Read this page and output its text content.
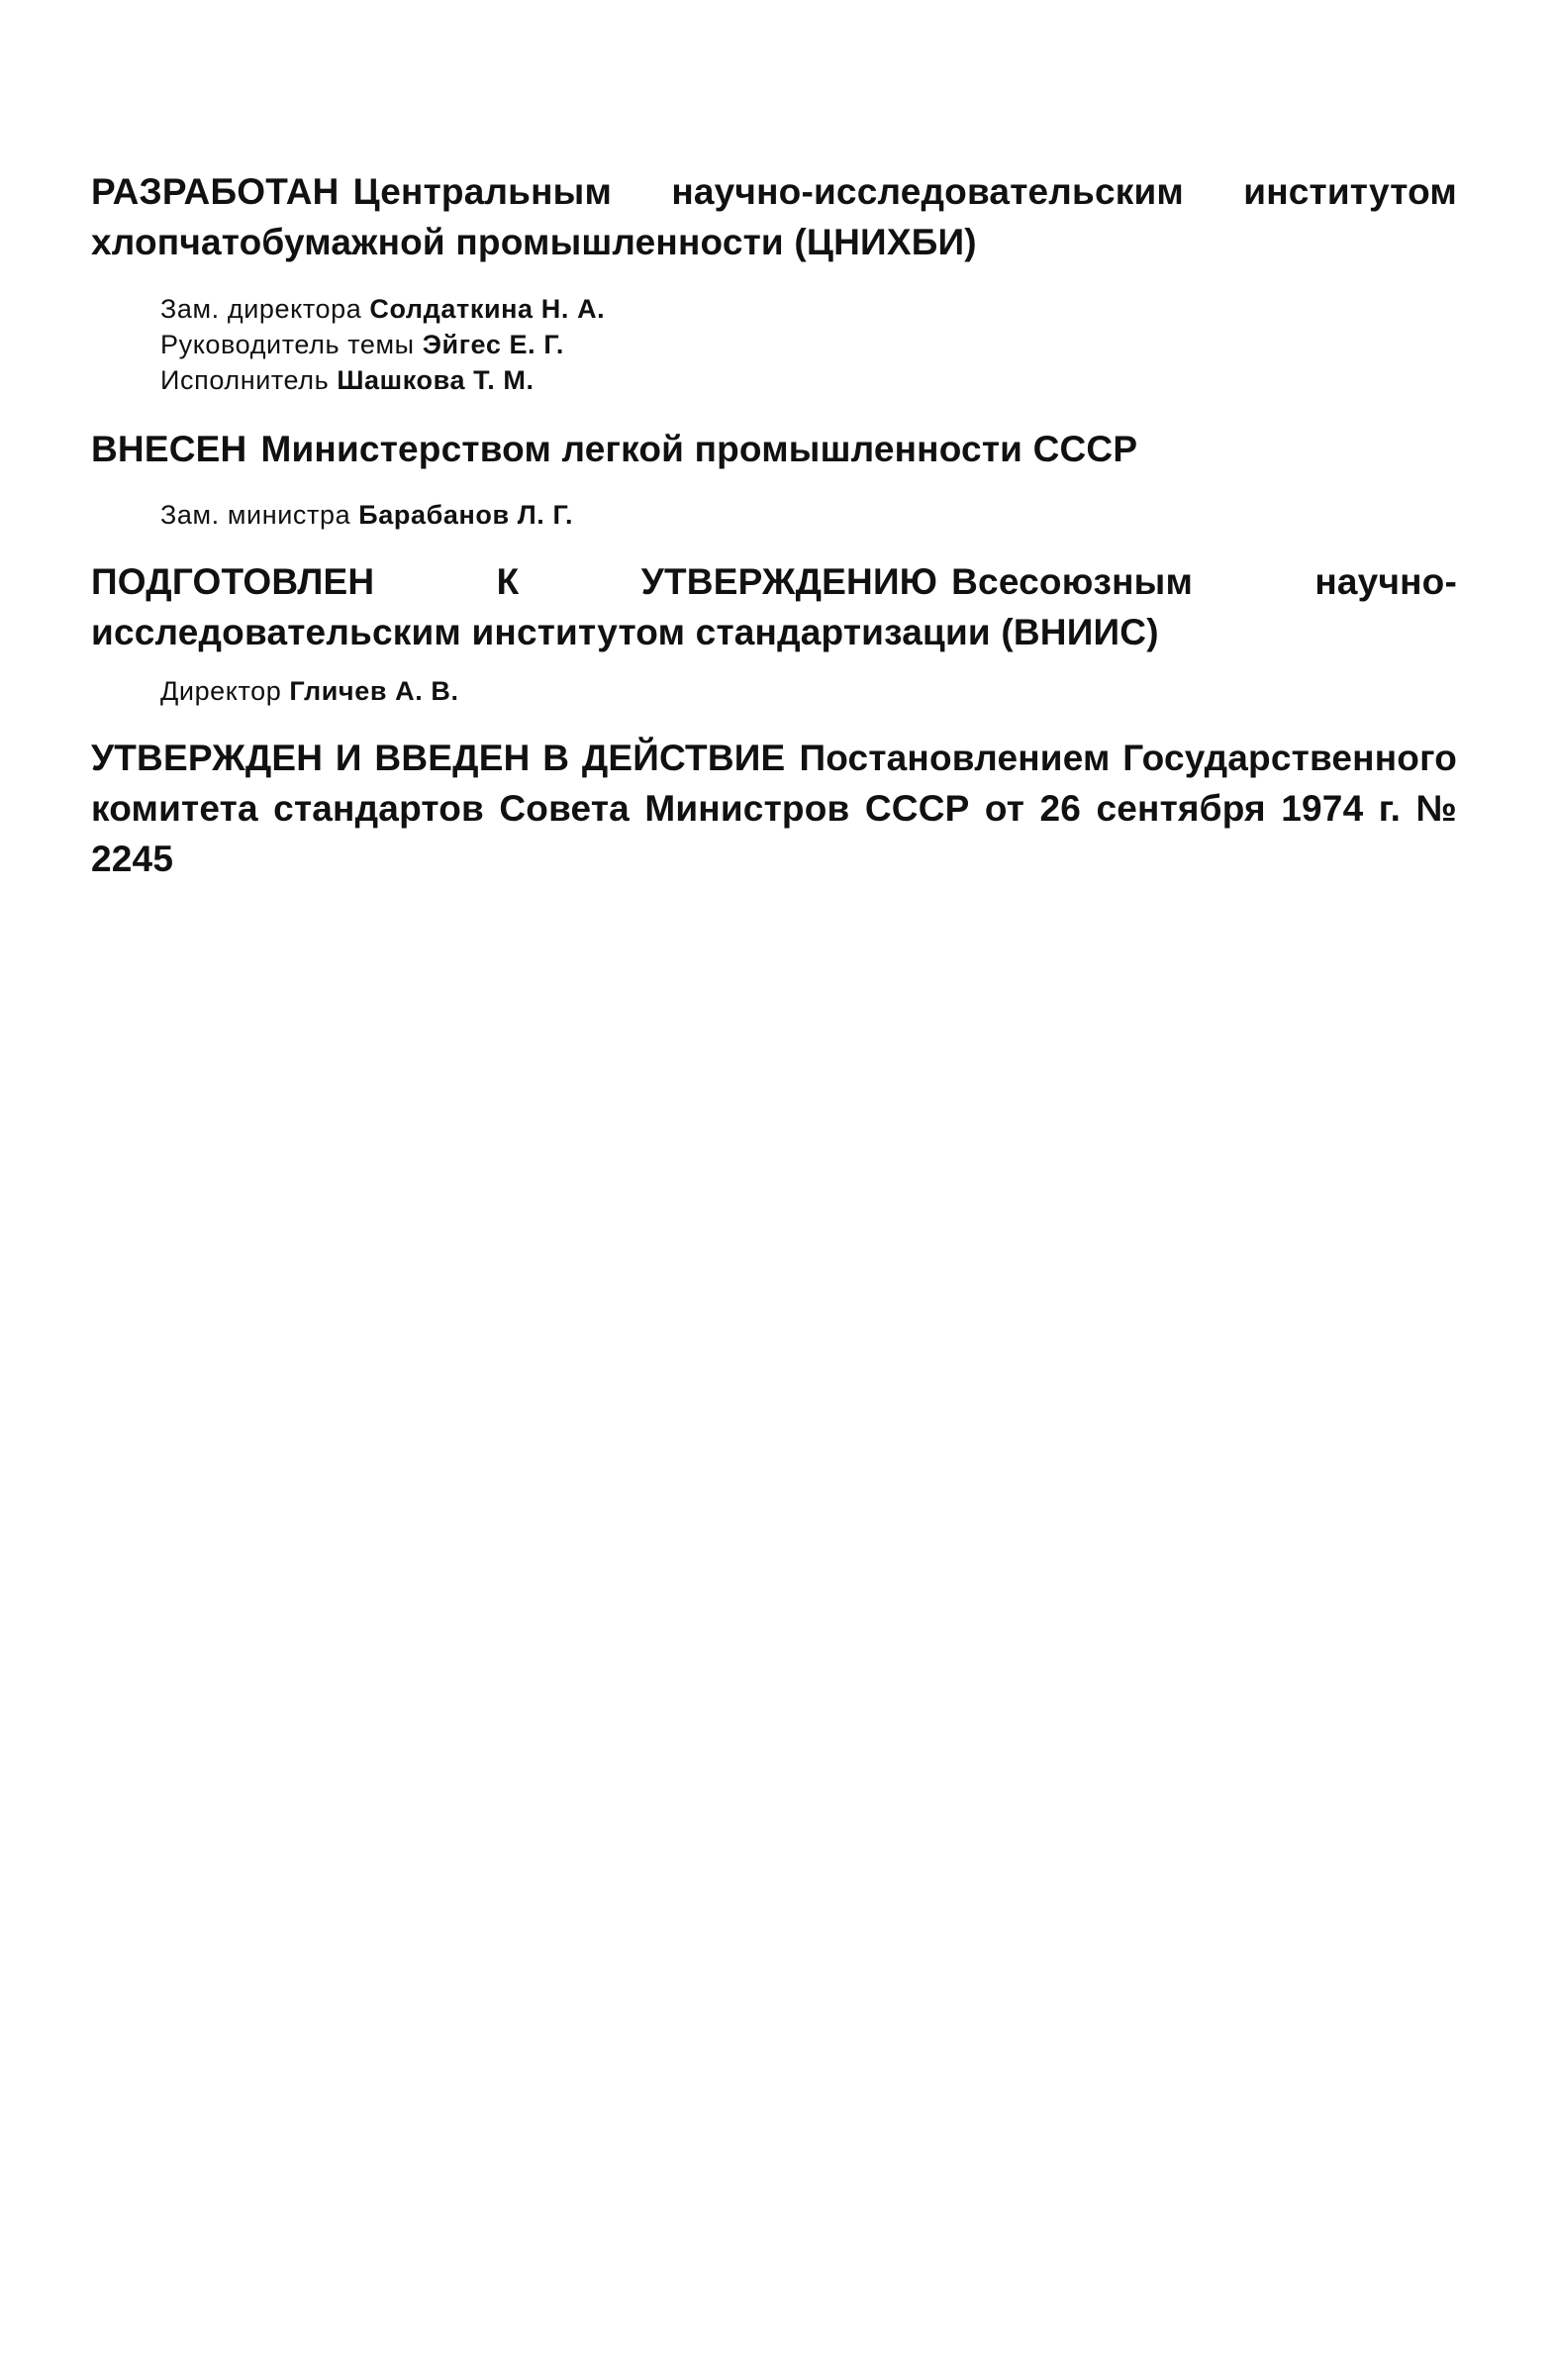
РАЗРАБОТАН Центральным научно-исследовательским институтом хлопчатобумажной промышленности (ЦНИХБИ)

Зам. директора Солдаткина Н. А.

Руководитель темы Эйгес Е. Г.

Исполнитель Шашкова Т. М.

ВНЕСЕН Министерством легкой промышленности СССР

Зам. министра Барабанов Л. Г.

ПОДГОТОВЛЕН К УТВЕРЖДЕНИЮ Всесоюзным научно-исследовательским институтом стандартизации (ВНИИС)

Директор Гличев А. В.

УТВЕРЖДЕН И ВВЕДЕН В ДЕЙСТВИЕ Постановлением Государственного комитета стандартов Совета Министров СССР от 26 сентября 1974 г. № 2245
